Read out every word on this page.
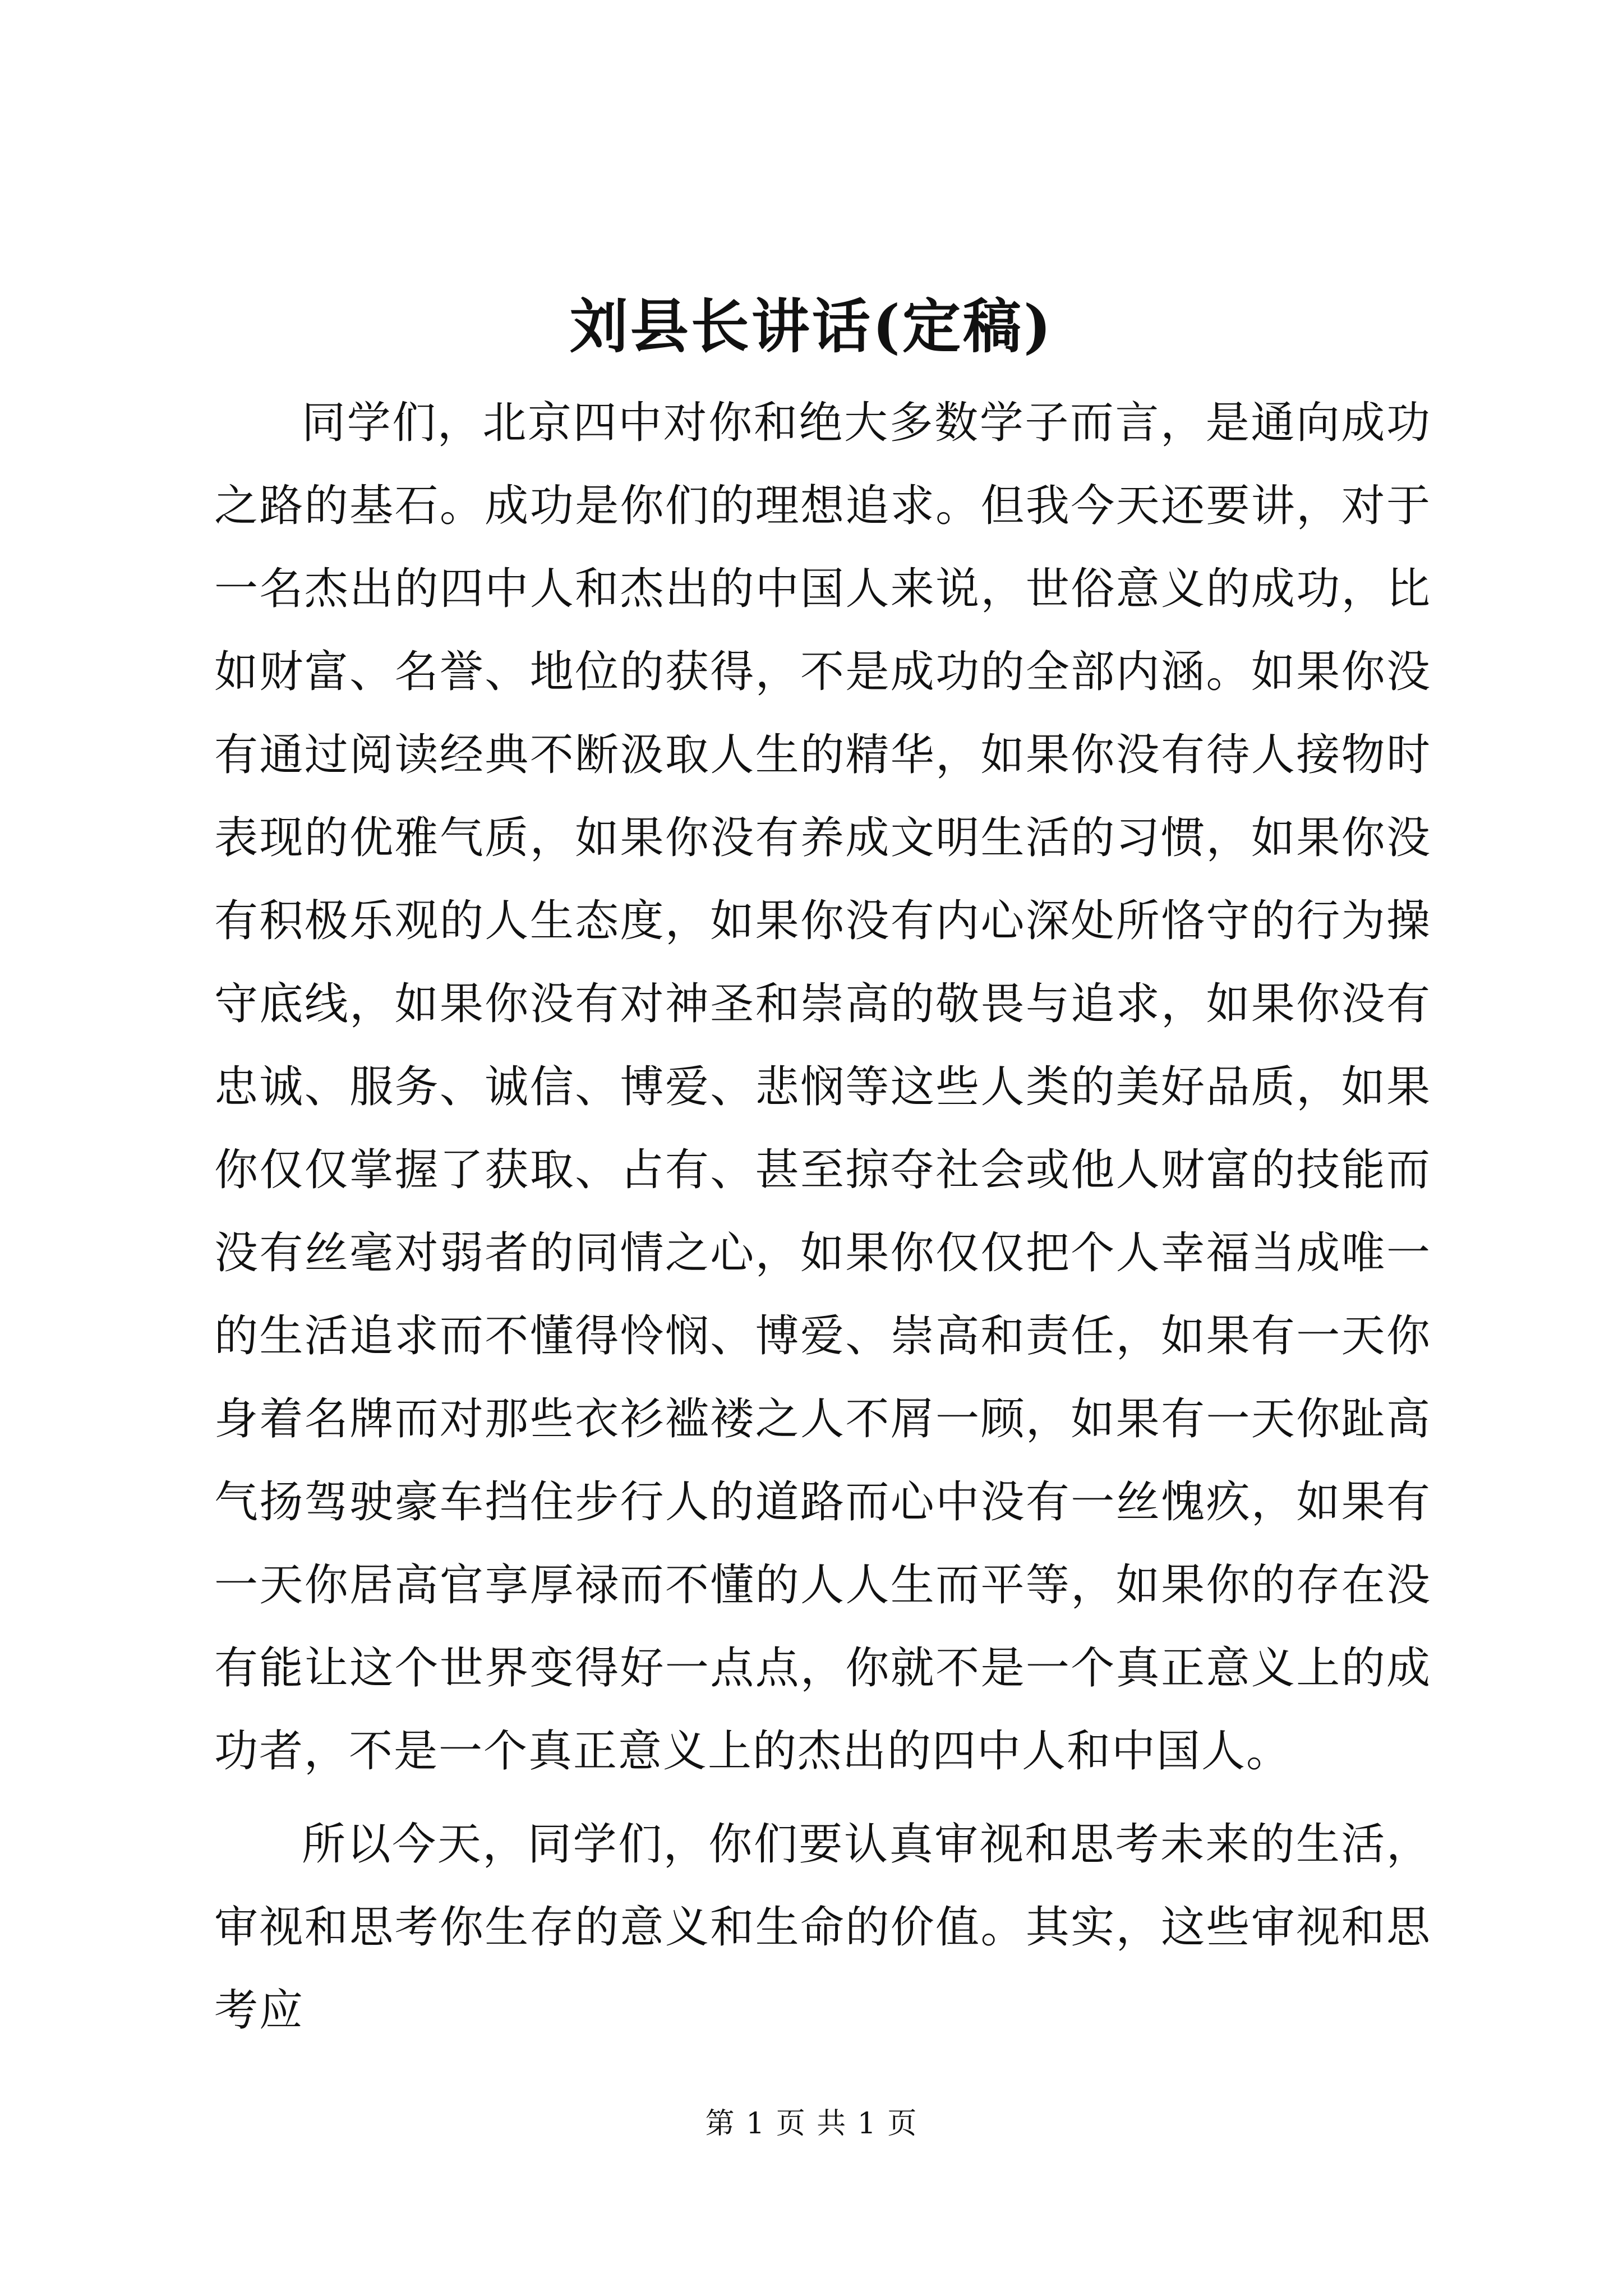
刘县长讲话(定稿)

同学们，北京四中对你和绝大多数学子而言，是通向成功之路的基石。成功是你们的理想追求。但我今天还要讲，对于一名杰出的四中人和杰出的中国人来说，世俗意义的成功，比如财富、名誉、地位的获得，不是成功的全部内涵。如果你没有通过阅读经典不断汲取人生的精华，如果你没有待人接物时表现的优雅气质，如果你没有养成文明生活的习惯，如果你没有积极乐观的人生态度，如果你没有内心深处所恪守的行为操守底线，如果你没有对神圣和崇高的敬畏与追求，如果你没有忠诚、服务、诚信、博爱、悲悯等这些人类的美好品质，如果你仅仅掌握了获取、占有、甚至掠夺社会或他人财富的技能而没有丝毫对弱者的同情之心，如果你仅仅把个人幸福当成唯一的生活追求而不懂得怜悯、博爱、崇高和责任，如果有一天你身着名牌而对那些衣衫褴褛之人不屑一顾，如果有一天你趾高气扬驾驶豪车挡住步行人的道路而心中没有一丝愧疚，如果有一天你居高官享厚禄而不懂的人人生而平等，如果你的存在没有能让这个世界变得好一点点，你就不是一个真正意义上的成功者，不是一个真正意义上的杰出的四中人和中国人。

所以今天，同学们，你们要认真审视和思考未来的生活，审视和思考你生存的意义和生命的价值。其实，这些审视和思考应

第 1 页 共 1 页
